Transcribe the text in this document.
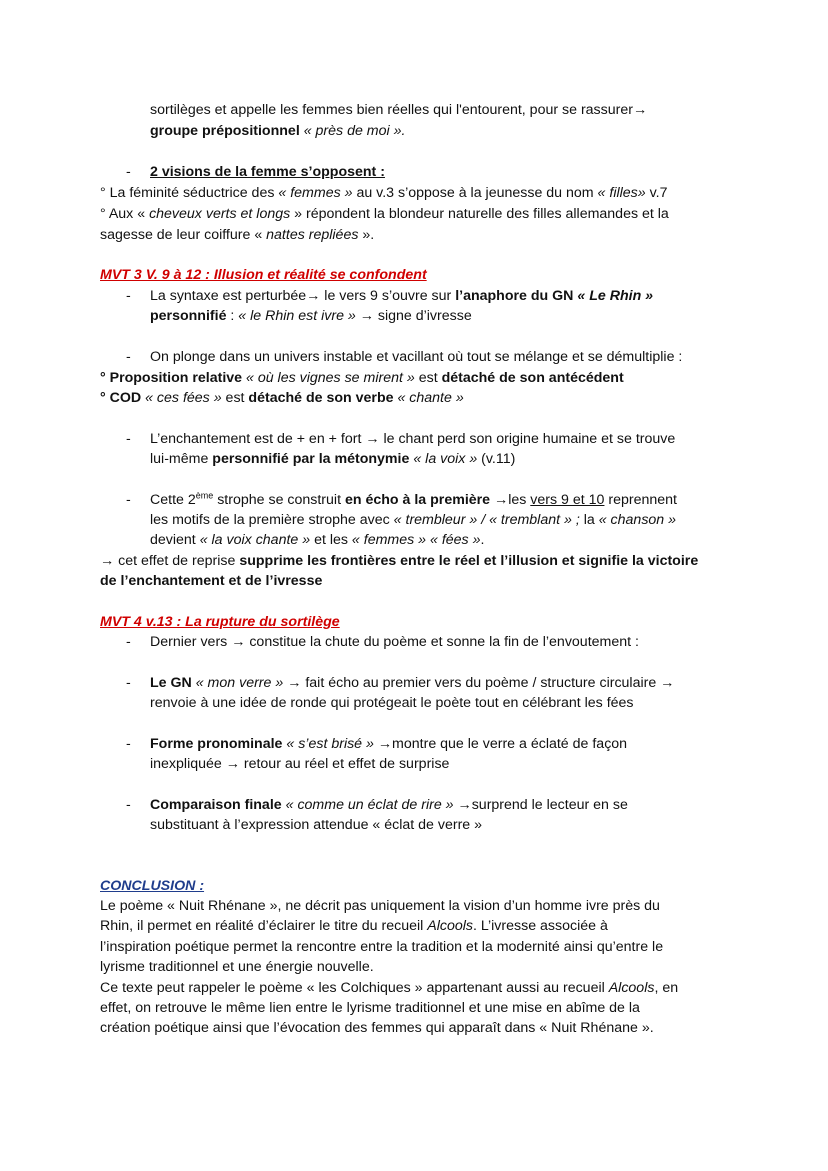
sortilèges et appelle les femmes bien réelles qui l'entourent, pour se rassurer→
groupe prépositionnel « près de moi ».
- 2 visions de la femme s’opposent :
° La féminité séductrice des « femmes » au v.3 s’oppose à la jeunesse du nom « filles» v.7
° Aux « cheveux verts et longs » répondent la blondeur naturelle des filles allemandes et la
sagesse de leur coiffure « nattes repliées ».
MVT 3 V. 9 à 12 : Illusion et réalité se confondent
- La syntaxe est perturbée→ le vers 9 s’ouvre sur l’anaphore du GN « Le Rhin »
personnifié : « le Rhin est ivre » → signe d’ivresse
- On plonge dans un univers instable et vacillant où tout se mélange et se démultiplie :
° Proposition relative « où les vignes se mirent » est détaché de son antécédent
° COD « ces fées » est détaché de son verbe « chante »
- L’enchantement est de + en + fort → le chant perd son origine humaine et se trouve
lui-même personnifié par la métonymie « la voix » (v.11)
- Cette 2ème strophe se construit en écho à la première →les vers 9 et 10 reprennent
les motifs de la première strophe avec « trembleur » / « tremblant » ; la « chanson »
devient « la voix chante » et les « femmes » « fées ».
→ cet effet de reprise supprime les frontières entre le réel et l’illusion et signifie la victoire
de l’enchantement et de l’ivresse
MVT 4 v.13 : La rupture du sortilège
- Dernier vers → constitue la chute du poème et sonne la fin de l’envoutement :
- Le GN « mon verre » → fait écho au premier vers du poème / structure circulaire →
renvoie à une idée de ronde qui protégeait le poète tout en célébrant les fées
- Forme pronominale « s’est brisé » →montre que le verre a éclaté de façon
inexpliquée → retour au réel et effet de surprise
- Comparaison finale « comme un éclat de rire » →surprend le lecteur en se
substituant à l’expression attendue « éclat de verre »
CONCLUSION :
Le poème « Nuit Rhénane », ne décrit pas uniquement la vision d’un homme ivre près du
Rhin, il permet en réalité d’éclairer le titre du recueil Alcools. L’ivresse associée à
l’inspiration poétique permet la rencontre entre la tradition et la modernité ainsi qu’entre le
lyrisme traditionnel et une énergie nouvelle.
Ce texte peut rappeler le poème « les Colchiques » appartenant aussi au recueil Alcools, en
effet, on retrouve le même lien entre le lyrisme traditionnel et une mise en abîme de la
création poétique ainsi que l’évocation des femmes qui apparaît dans « Nuit Rhénane ».
